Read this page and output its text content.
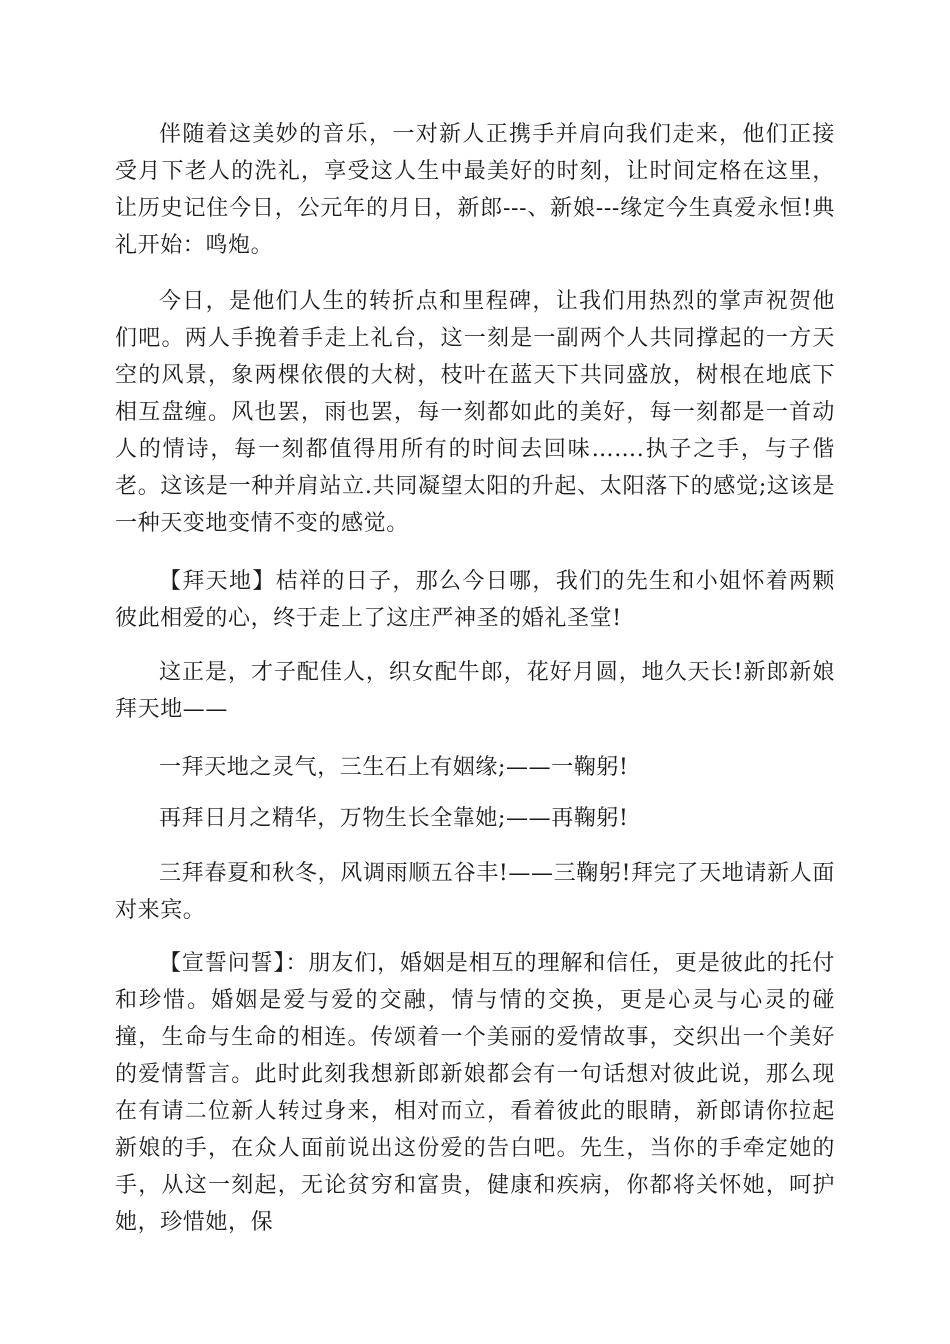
伴随着这美妙的音乐，一对新人正携手并肩向我们走来，他们正接受月下老人的洗礼，享受这人生中最美好的时刻，让时间定格在这里，让历史记住今日，公元年的月日，新郎---、新娘---缘定今生真爱永恒!典礼开始：鸣炮。

今日，是他们人生的转折点和里程碑，让我们用热烈的掌声祝贺他们吧。两人手挽着手走上礼台，这一刻是一副两个人共同撑起的一方天空的风景，象两棵依偎的大树，枝叶在蓝天下共同盛放，树根在地底下相互盘缠。风也罢，雨也罢，每一刻都如此的美好，每一刻都是一首动人的情诗，每一刻都值得用所有的时间去回味…….执子之手，与子偕老。这该是一种并肩站立.共同凝望太阳的升起、太阳落下的感觉;这该是一种天变地变情不变的感觉。

【拜天地】桔祥的日子，那么今日哪，我们的先生和小姐怀着两颗彼此相爱的心，终于走上了这庄严神圣的婚礼圣堂!

这正是，才子配佳人，织女配牛郎，花好月圆，地久天长!新郎新娘拜天地——

一拜天地之灵气，三生石上有姻缘;——一鞠躬!

再拜日月之精华，万物生长全靠她;——再鞠躬!

三拜春夏和秋冬，风调雨顺五谷丰!——三鞠躬!拜完了天地请新人面对来宾。

【宣誓问誓】：朋友们，婚姻是相互的理解和信任，更是彼此的托付和珍惜。婚姻是爱与爱的交融，情与情的交换，更是心灵与心灵的碰撞，生命与生命的相连。传颂着一个美丽的爱情故事，交织出一个美好的爱情誓言。此时此刻我想新郎新娘都会有一句话想对彼此说，那么现在有请二位新人转过身来，相对而立，看着彼此的眼睛，新郎请你拉起新娘的手，在众人面前说出这份爱的告白吧。先生，当你的手牵定她的手，从这一刻起，无论贫穷和富贵，健康和疾病，你都将关怀她，呵护她，珍惜她，保
